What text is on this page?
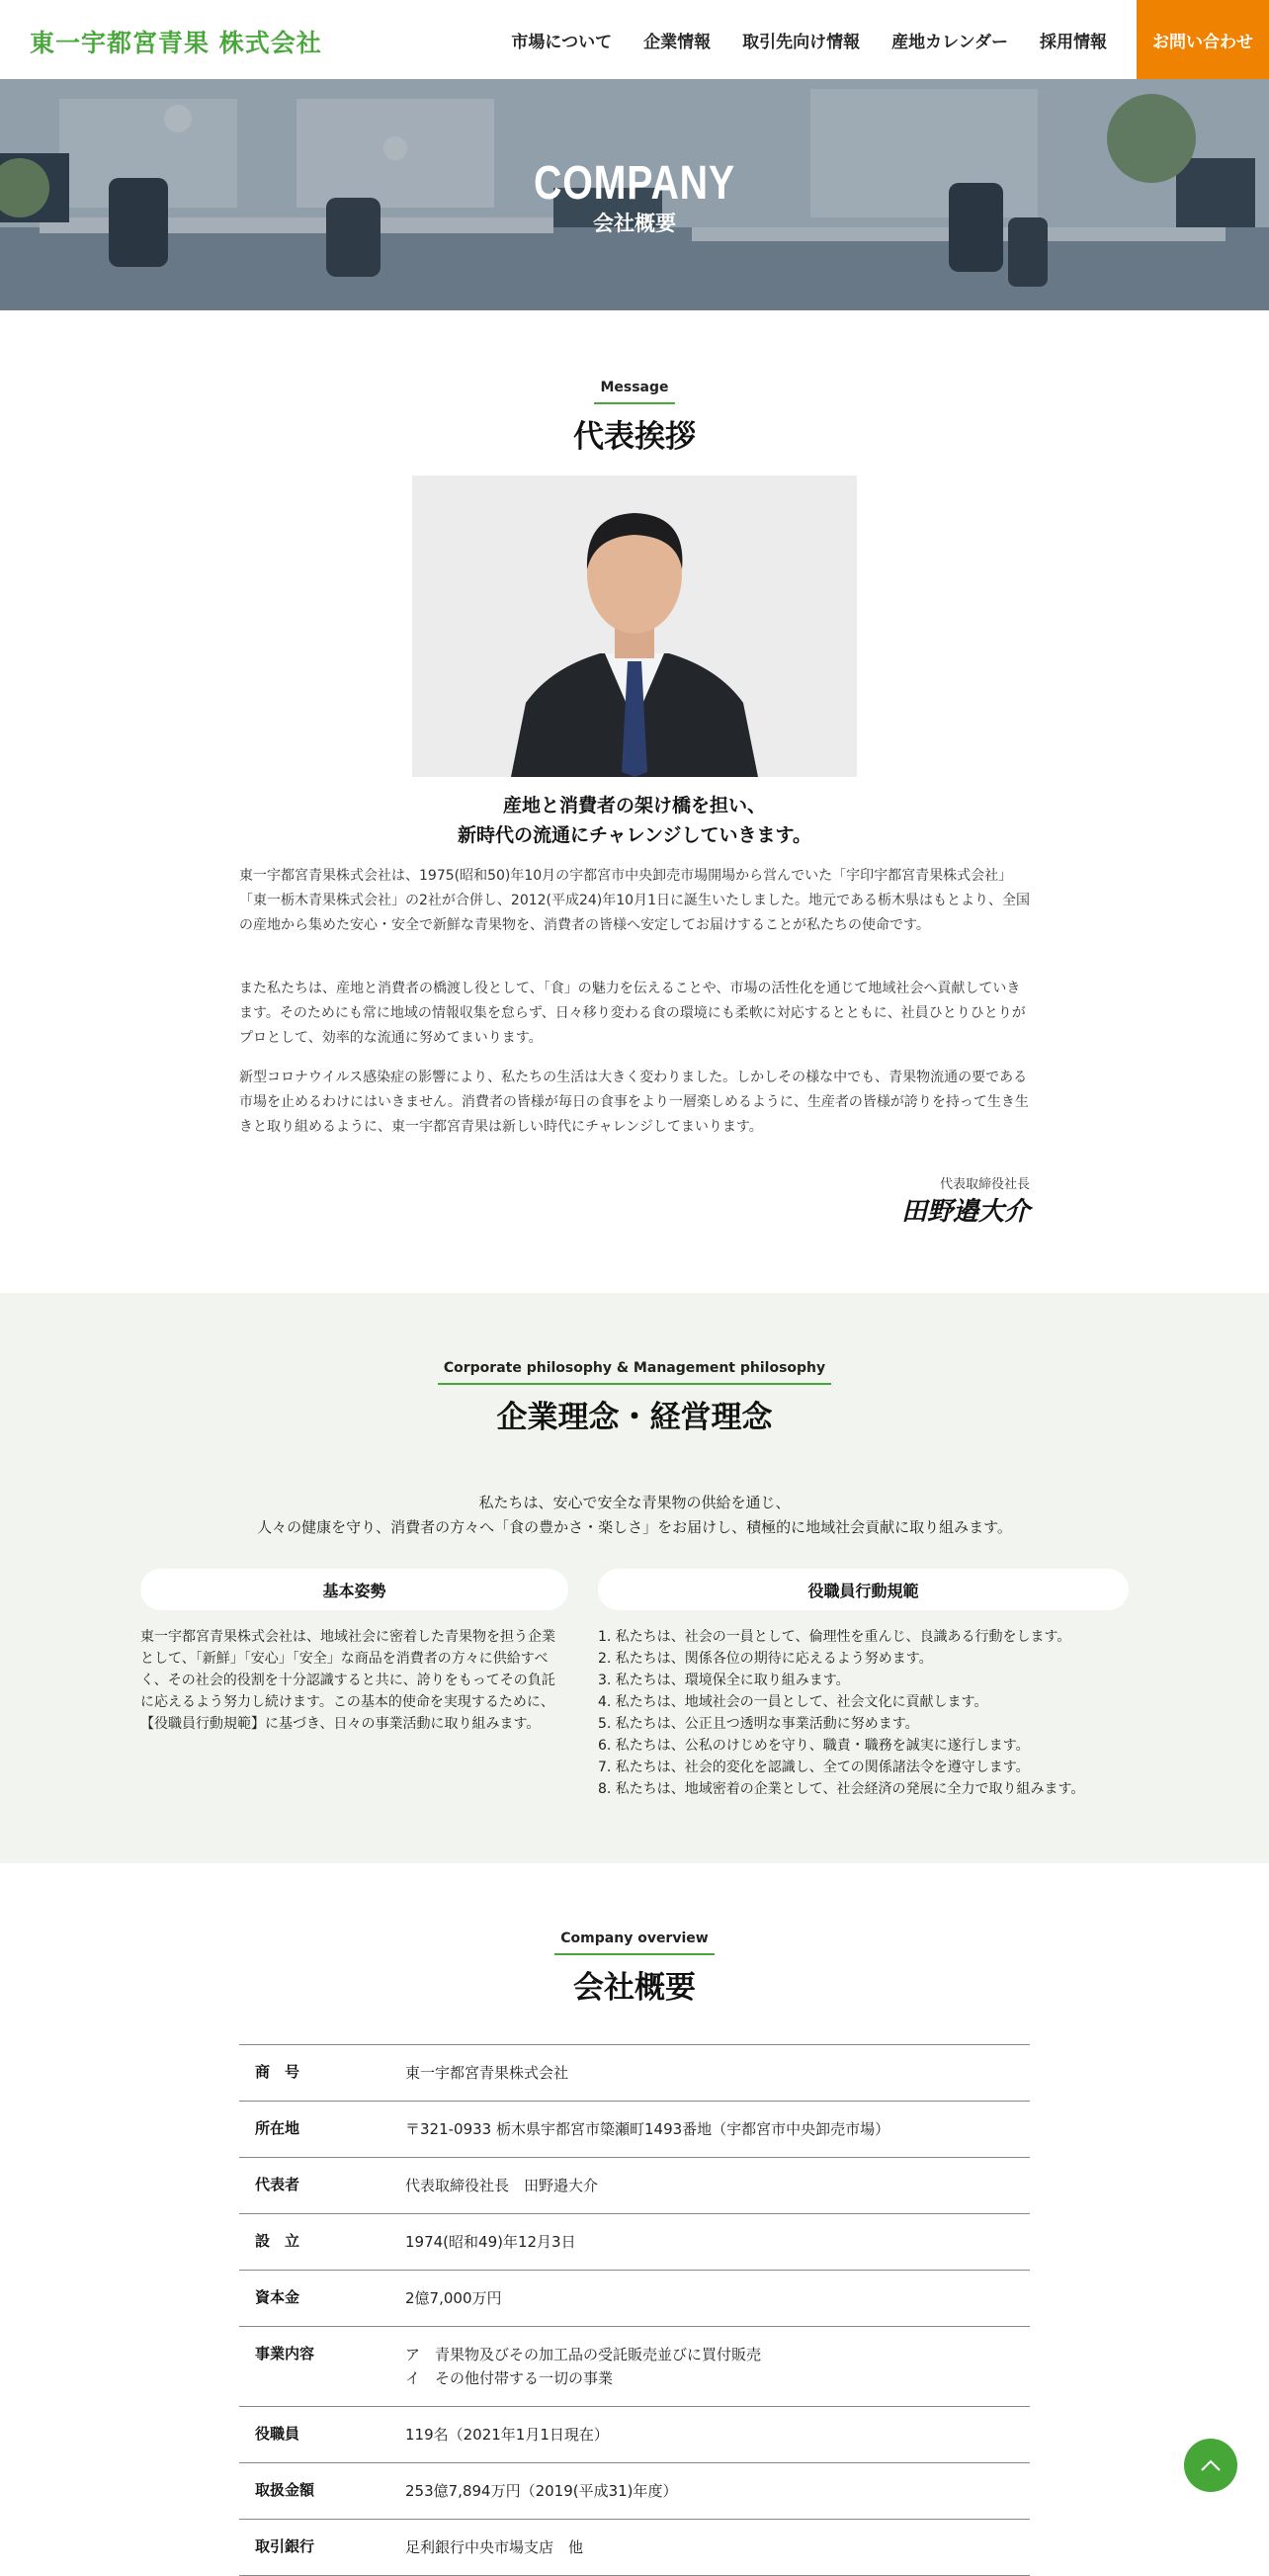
東一宇都宮青果 株式会社	市場について 企業情報 取引先向け情報 産地カレンダー 採用情報	お問い合わせ
COMPANY
会社概要
Message
代表挨拶
産地と消費者の架け橋を担い、
新時代の流通にチャレンジしていきます。

東一宇都宮青果株式会社は、1975(昭和50)年10月の宇都宮市中央卸売市場開場から営んでいた「宇印宇都宮青果株式会社」「東一栃木青果株式会社」の2社が合併し、2012(平成24)年10月1日に誕生いたしました。地元である栃木県はもとより、全国の産地から集めた安心・安全で新鮮な青果物を、消費者の皆様へ安定してお届けすることが私たちの使命です。

また私たちは、産地と消費者の橋渡し役として、「食」の魅力を伝えることや、市場の活性化を通じて地域社会へ貢献していきます。そのためにも常に地域の情報収集を怠らず、日々移り変わる食の環境にも柔軟に対応するとともに、社員ひとりひとりがプロとして、効率的な流通に努めてまいります。

新型コロナウイルス感染症の影響により、私たちの生活は大きく変わりました。しかしその様な中でも、青果物流通の要である市場を止めるわけにはいきません。消費者の皆様が毎日の食事をより一層楽しめるように、生産者の皆様が誇りを持って生き生きと取り組めるように、東一宇都宮青果は新しい時代にチャレンジしてまいります。

代表取締役社長
田野邉大介
Corporate philosophy & Management philosophy
企業理念・経営理念
私たちは、安心で安全な青果物の供給を通じ、
人々の健康を守り、消費者の方々へ「食の豊かさ・楽しさ」をお届けし、積極的に地域社会貢献に取り組みます。
基本姿勢	役職員行動規範
東一宇都宮青果株式会社は、地域社会に密着した青果物を担う企業として、「新鮮」「安心」「安全」な商品を消費者の方々に供給すべく、その社会的役割を十分認識すると共に、誇りをもってその負託に応えるよう努力し続けます。この基本的使命を実現するために、【役職員行動規範】に基づき、日々の事業活動に取り組みます。
1. 私たちは、社会の一員として、倫理性を重んじ、良識ある行動をします。
2. 私たちは、関係各位の期待に応えるよう努めます。
3. 私たちは、環境保全に取り組みます。
4. 私たちは、地域社会の一員として、社会文化に貢献します。
5. 私たちは、公正且つ透明な事業活動に努めます。
6. 私たちは、公私のけじめを守り、職責・職務を誠実に遂行します。
7. 私たちは、社会的変化を認識し、全ての関係諸法令を遵守します。
8. 私たちは、地域密着の企業として、社会経済の発展に全力で取り組みます。
Company overview
会社概要
商　号	東一宇都宮青果株式会社
所在地	〒321-0933 栃木県宇都宮市簗瀬町1493番地（宇都宮市中央卸売市場）
代表者	代表取締役社長　田野邉大介
設　立	1974(昭和49)年12月3日
資本金	2億7,000万円
事業内容	ア　青果物及びその加工品の受託販売並びに買付販売
イ　その他付帯する一切の事業
役職員	119名（2021年1月1日現在）
取扱金額	253億7,894万円（2019(平成31)年度）
取引銀行	足利銀行中央市場支店　他
